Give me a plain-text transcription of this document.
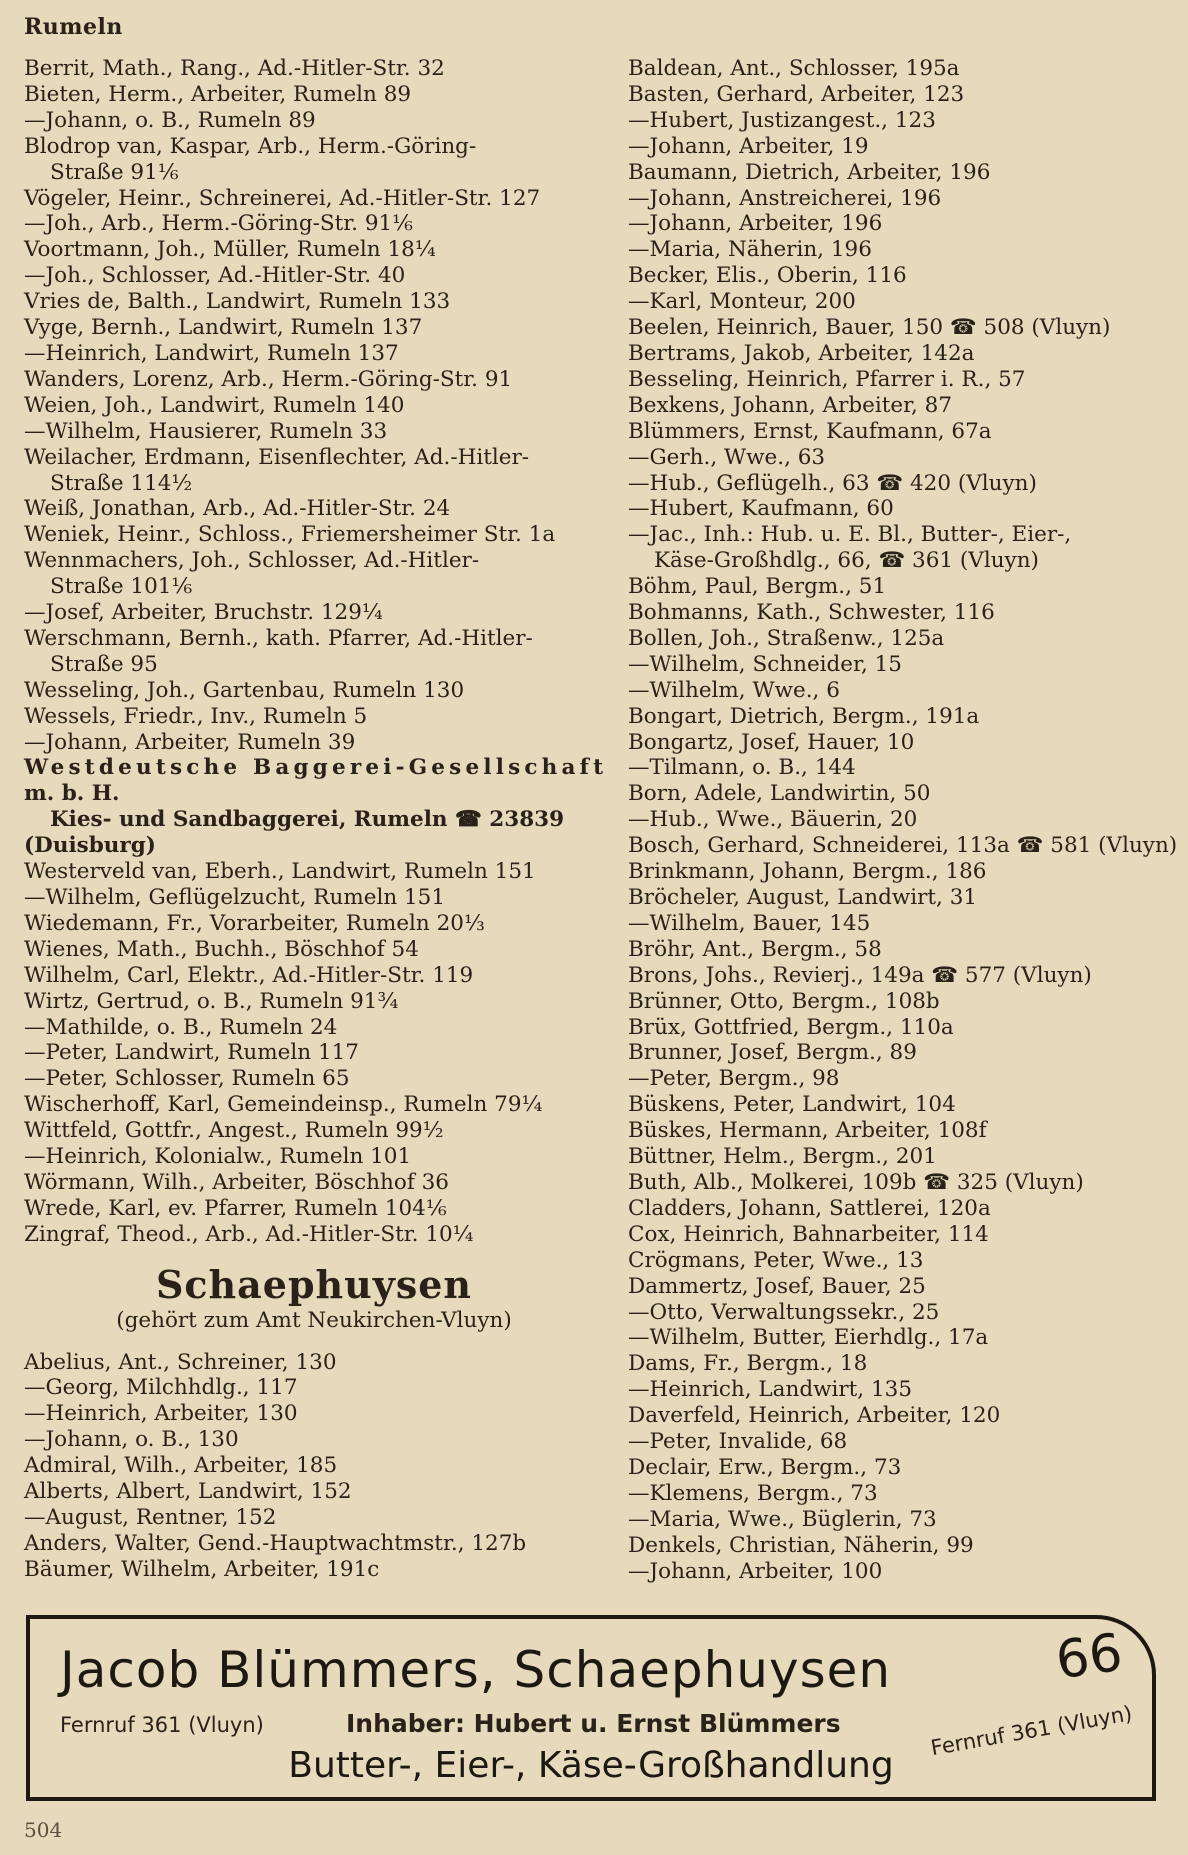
Rumeln
Berrit, Math., Rang., Ad.-Hitler-Str. 32
Bieten, Herm., Arbeiter, Rumeln 89
—Johann, o. B., Rumeln 89
Blodrop van, Kaspar, Arb., Herm.-Göring-
Straße 91⅙
Vögeler, Heinr., Schreinerei, Ad.-Hitler-Str. 127
—Joh., Arb., Herm.-Göring-Str. 91⅙
Voortmann, Joh., Müller, Rumeln 18¼
—Joh., Schlosser, Ad.-Hitler-Str. 40
Vries de, Balth., Landwirt, Rumeln 133
Vyge, Bernh., Landwirt, Rumeln 137
—Heinrich, Landwirt, Rumeln 137
Wanders, Lorenz, Arb., Herm.-Göring-Str. 91
Weien, Joh., Landwirt, Rumeln 140
—Wilhelm, Hausierer, Rumeln 33
Weilacher, Erdmann, Eisenflechter, Ad.-Hitler-
Straße 114½
Weiß, Jonathan, Arb., Ad.-Hitler-Str. 24
Weniek, Heinr., Schloss., Friemersheimer Str. 1a
Wennmachers, Joh., Schlosser, Ad.-Hitler-
Straße 101⅙
—Josef, Arbeiter, Bruchstr. 129¼
Werschmann, Bernh., kath. Pfarrer, Ad.-Hitler-
Straße 95
Wesseling, Joh., Gartenbau, Rumeln 130
Wessels, Friedr., Inv., Rumeln 5
—Johann, Arbeiter, Rumeln 39
Westdeutsche Baggerei-Gesellschaft
m. b. H.
Kies- und Sandbaggerei, Rumeln ☎ 23839
(Duisburg)
Westerveld van, Eberh., Landwirt, Rumeln 151
—Wilhelm, Geflügelzucht, Rumeln 151
Wiedemann, Fr., Vorarbeiter, Rumeln 20⅓
Wienes, Math., Buchh., Böschhof 54
Wilhelm, Carl, Elektr., Ad.-Hitler-Str. 119
Wirtz, Gertrud, o. B., Rumeln 91¾
—Mathilde, o. B., Rumeln 24
—Peter, Landwirt, Rumeln 117
—Peter, Schlosser, Rumeln 65
Wischerhoff, Karl, Gemeindeinsp., Rumeln 79¼
Wittfeld, Gottfr., Angest., Rumeln 99½
—Heinrich, Kolonialw., Rumeln 101
Wörmann, Wilh., Arbeiter, Böschhof 36
Wrede, Karl, ev. Pfarrer, Rumeln 104⅙
Zingraf, Theod., Arb., Ad.-Hitler-Str. 10¼
Schaephuysen
(gehört zum Amt Neukirchen-Vluyn)
Abelius, Ant., Schreiner, 130
—Georg, Milchhdlg., 117
—Heinrich, Arbeiter, 130
—Johann, o. B., 130
Admiral, Wilh., Arbeiter, 185
Alberts, Albert, Landwirt, 152
—August, Rentner, 152
Anders, Walter, Gend.-Hauptwachtmstr., 127b
Bäumer, Wilhelm, Arbeiter, 191c
Baldean, Ant., Schlosser, 195a
Basten, Gerhard, Arbeiter, 123
—Hubert, Justizangest., 123
—Johann, Arbeiter, 19
Baumann, Dietrich, Arbeiter, 196
—Johann, Anstreicherei, 196
—Johann, Arbeiter, 196
—Maria, Näherin, 196
Becker, Elis., Oberin, 116
—Karl, Monteur, 200
Beelen, Heinrich, Bauer, 150 ☎ 508 (Vluyn)
Bertrams, Jakob, Arbeiter, 142a
Besseling, Heinrich, Pfarrer i. R., 57
Bexkens, Johann, Arbeiter, 87
Blümmers, Ernst, Kaufmann, 67a
—Gerh., Wwe., 63
—Hub., Geflügelh., 63 ☎ 420 (Vluyn)
—Hubert, Kaufmann, 60
—Jac., Inh.: Hub. u. E. Bl., Butter-, Eier-,
Käse-Großhdlg., 66, ☎ 361 (Vluyn)
Böhm, Paul, Bergm., 51
Bohmanns, Kath., Schwester, 116
Bollen, Joh., Straßenw., 125a
—Wilhelm, Schneider, 15
—Wilhelm, Wwe., 6
Bongart, Dietrich, Bergm., 191a
Bongartz, Josef, Hauer, 10
—Tilmann, o. B., 144
Born, Adele, Landwirtin, 50
—Hub., Wwe., Bäuerin, 20
Bosch, Gerhard, Schneiderei, 113a ☎ 581 (Vluyn)
Brinkmann, Johann, Bergm., 186
Bröcheler, August, Landwirt, 31
—Wilhelm, Bauer, 145
Bröhr, Ant., Bergm., 58
Brons, Johs., Revierj., 149a ☎ 577 (Vluyn)
Brünner, Otto, Bergm., 108b
Brüx, Gottfried, Bergm., 110a
Brunner, Josef, Bergm., 89
—Peter, Bergm., 98
Büskens, Peter, Landwirt, 104
Büskes, Hermann, Arbeiter, 108f
Büttner, Helm., Bergm., 201
Buth, Alb., Molkerei, 109b ☎ 325 (Vluyn)
Cladders, Johann, Sattlerei, 120a
Cox, Heinrich, Bahnarbeiter, 114
Crögmans, Peter, Wwe., 13
Dammertz, Josef, Bauer, 25
—Otto, Verwaltungssekr., 25
—Wilhelm, Butter, Eierhdlg., 17a
Dams, Fr., Bergm., 18
—Heinrich, Landwirt, 135
Daverfeld, Heinrich, Arbeiter, 120
—Peter, Invalide, 68
Declair, Erw., Bergm., 73
—Klemens, Bergm., 73
—Maria, Wwe., Büglerin, 73
Denkels, Christian, Näherin, 99
—Johann, Arbeiter, 100
Jacob Blümmers, Schaephuysen	66
Fernruf 361 (Vluyn)	Inhaber: Hubert u. Ernst Blümmers	Fernruf 361 (Vluyn)
Butter-, Eier-, Käse-Großhandlung
504
